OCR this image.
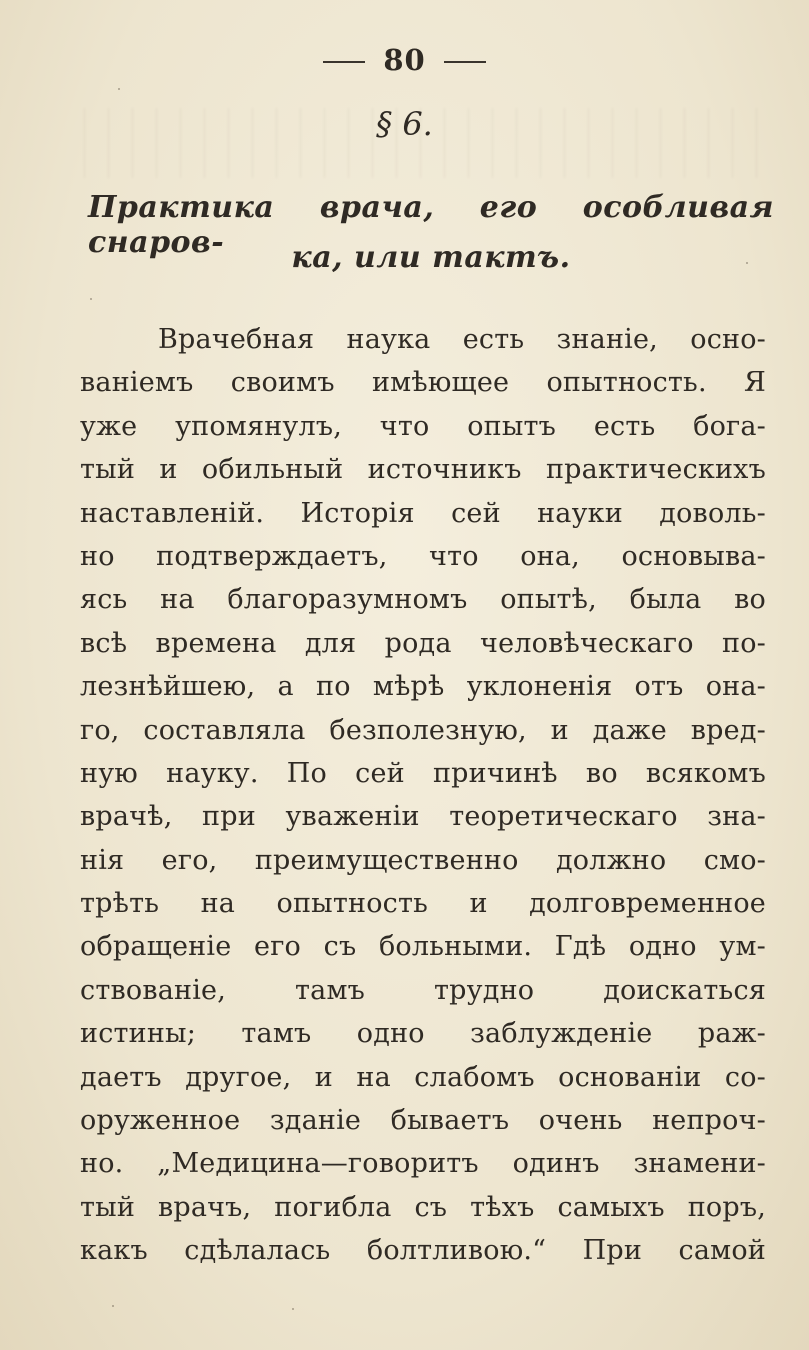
80
§ 6.
Практика врача, его особливая снаров-	ка, или тактъ.
Врачебная наука есть знаніе, осно-
ваніемъ своимъ имѣющее опытность. Я
уже упомянулъ, что опытъ есть бога-
тый и обильный источникъ практическихъ
наставленій. Исторія сей науки доволь-
но подтверждаетъ, что она, основыва-
ясь на благоразумномъ опытѣ, была во
всѣ времена для рода человѣческаго по-
лезнѣйшею, а по мѣрѣ уклоненія отъ она-
го, составляла безполезную, и даже вред-
ную науку. По сей причинѣ во всякомъ
врачѣ, при уваженіи теоретическаго зна-
нія его, преимущественно должно смо-
трѣть на опытность и долговременное
обращеніе его съ больными. Гдѣ одно ум-
ствованіе, тамъ трудно доискаться
истины; тамъ одно заблужденіе раж-
даетъ другое, и на слабомъ основаніи со-
оруженное зданіе бываетъ очень непроч-
но. „Медицина—говоритъ одинъ знамени-
тый врачъ, погибла съ тѣхъ самыхъ поръ,
какъ сдѣлалась болтливою.“ При самой
